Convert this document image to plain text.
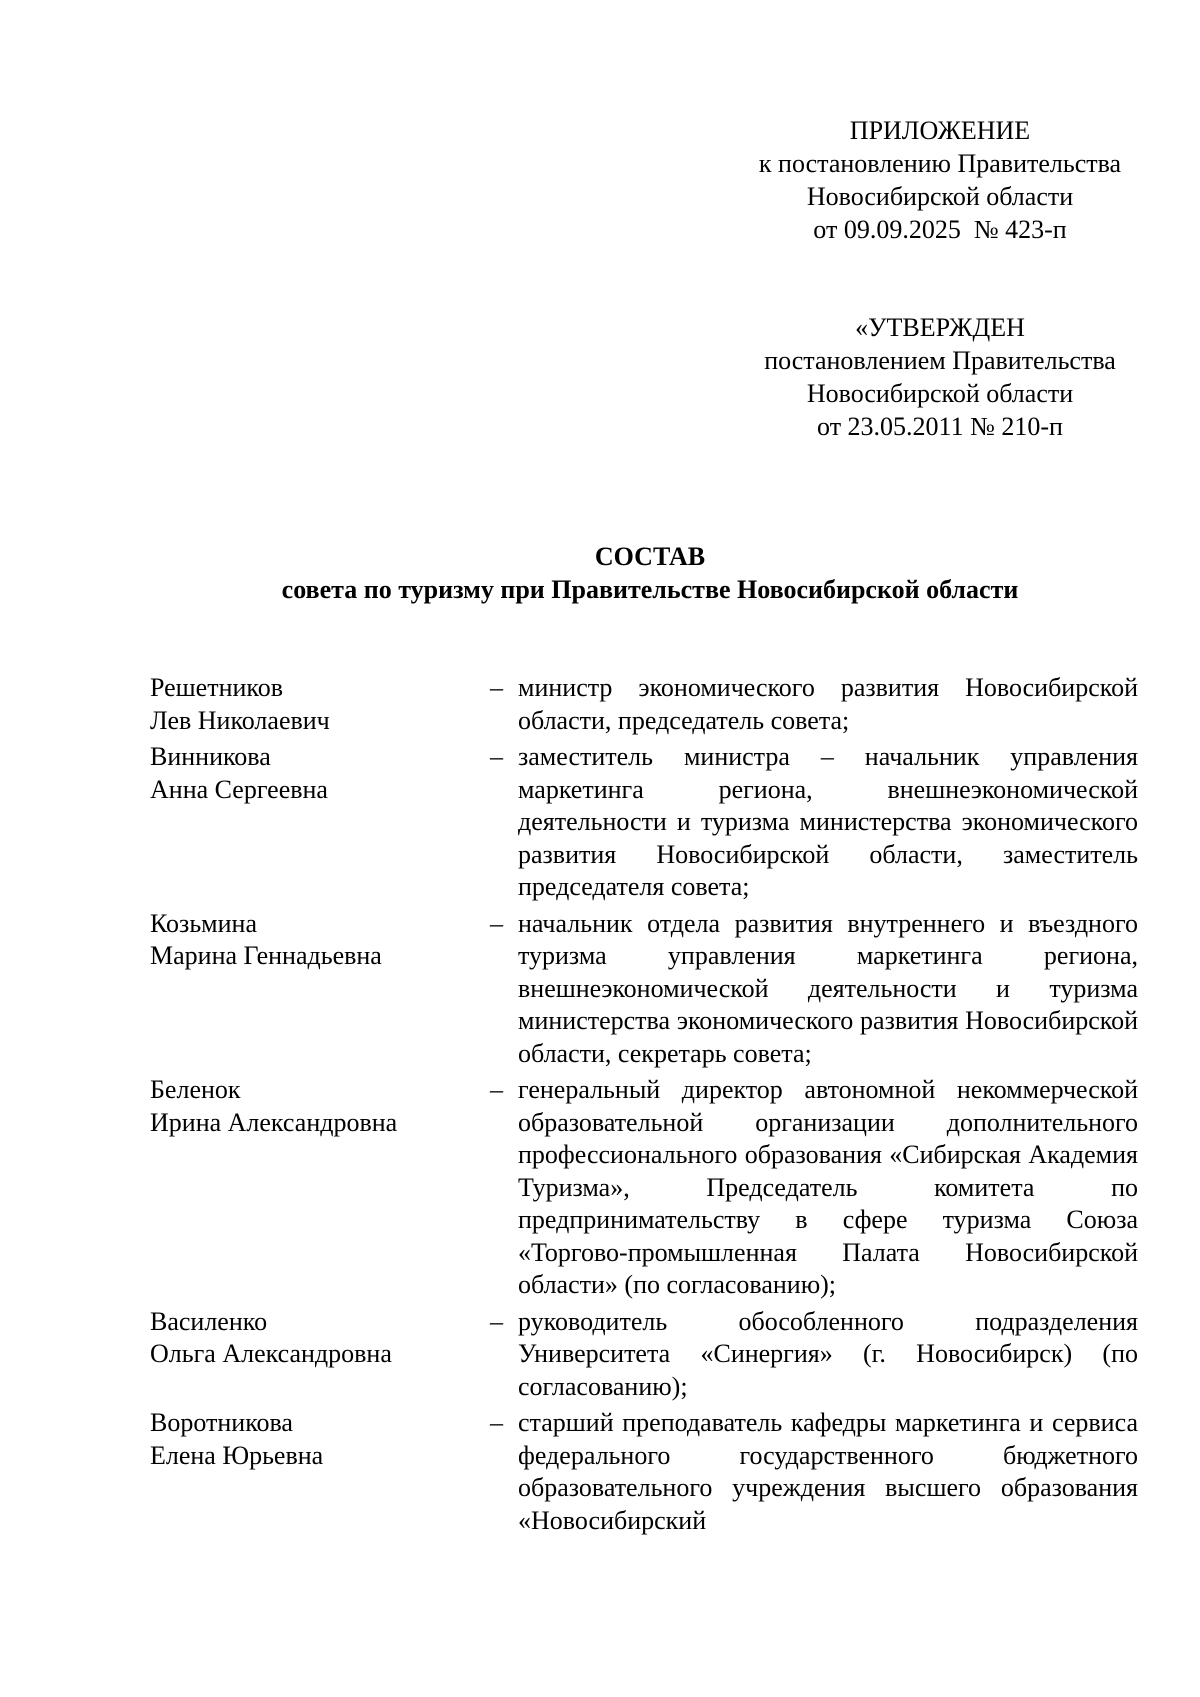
ПРИЛОЖЕНИЕ
к постановлению Правительства
Новосибирской области
от 09.09.2025  № 423-п
«УТВЕРЖДЕН
постановлением Правительства
Новосибирской области
от 23.05.2011 № 210-п
СОСТАВ
совета по туризму при Правительстве Новосибирской области
Решетников
Лев Николаевич
– министр экономического развития Новосибирской области, председатель совета;
Винникова
Анна Сергеевна
– заместитель министра – начальник управления маркетинга региона, внешнеэкономической деятельности и туризма министерства экономического развития Новосибирской области, заместитель председателя совета;
Козьмина
Марина Геннадьевна
– начальник отдела развития внутреннего и въездного туризма управления маркетинга региона, внешнеэкономической деятельности и туризма министерства экономического развития Новосибирской области, секретарь совета;
Беленок
Ирина Александровна
– генеральный директор автономной некоммерческой образовательной организации дополнительного профессионального образования «Сибирская Академия Туризма», Председатель комитета по предпринимательству в сфере туризма Союза «Торгово-промышленная Палата Новосибирской области» (по согласованию);
Василенко
Ольга Александровна
– руководитель обособленного подразделения Университета «Синергия» (г. Новосибирск) (по согласованию);
Воротникова
Елена Юрьевна
– старший преподаватель кафедры маркетинга и сервиса федерального государственного бюджетного образовательного учреждения высшего образования «Новосибирский
